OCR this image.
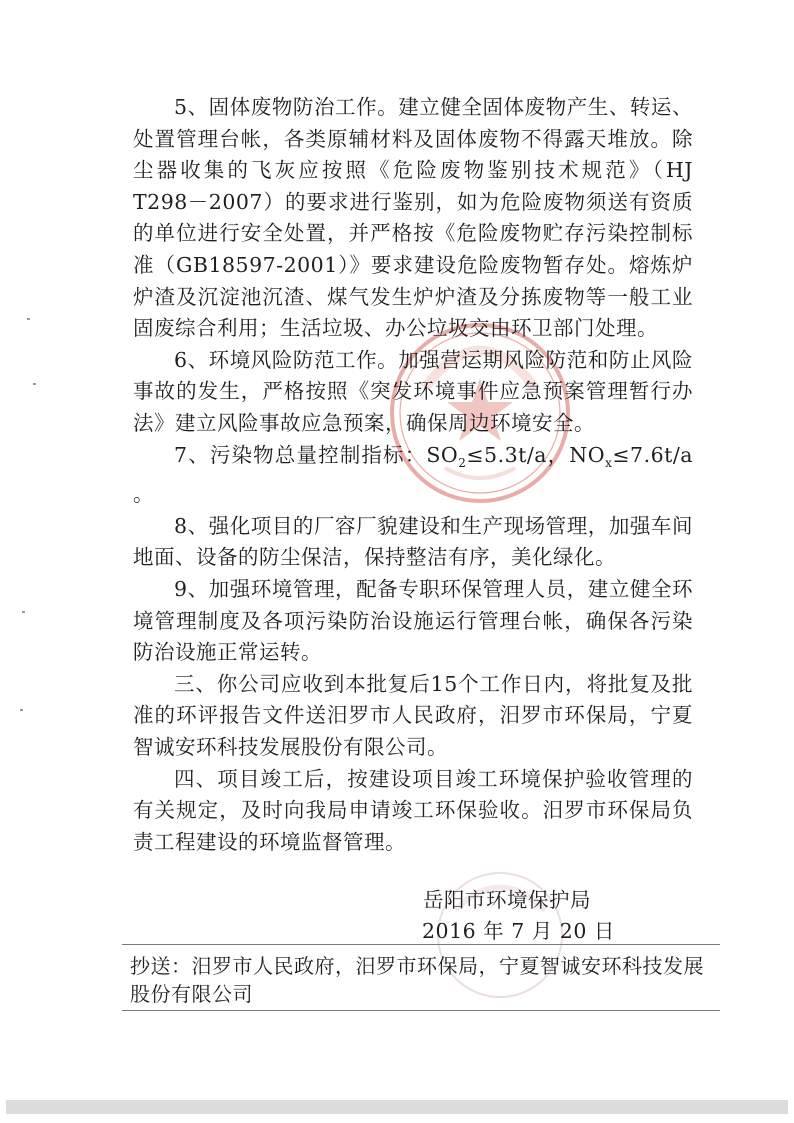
5、固体废物防治工作。建立健全固体废物产生、转运、处置管理台帐，各类原辅材料及固体废物不得露天堆放。除尘器收集的飞灰应按照《危险废物鉴别技术规范》（HJ T298－2007）的要求进行鉴别，如为危险废物须送有资质的单位进行安全处置，并严格按《危险废物贮存污染控制标准（GB18597-2001）》要求建设危险废物暂存处。熔炼炉炉渣及沉淀池沉渣、煤气发生炉炉渣及分拣废物等一般工业固废综合利用；生活垃圾、办公垃圾交由环卫部门处理。

6、环境风险防范工作。加强营运期风险防范和防止风险事故的发生，严格按照《突发环境事件应急预案管理暂行办法》建立风险事故应急预案，确保周边环境安全。

7、污染物总量控制指标：$SO_2\le 5.3t/a$，$NO_x\le 7.6t/a$ 。

8、强化项目的厂容厂貌建设和生产现场管理，加强车间地面、设备的防尘保洁，保持整洁有序，美化绿化。

9、加强环境管理，配备专职环保管理人员，建立健全环境管理制度及各项污染防治设施运行管理台帐，确保各污染防治设施正常运转。

三、你公司应收到本批复后15个工作日内，将批复及批准的环评报告文件送汨罗市人民政府，汨罗市环保局，宁夏智诚安环科技发展股份有限公司。

四、项目竣工后，按建设项目竣工环境保护验收管理的有关规定，及时向我局申请竣工环保验收。汨罗市环保局负责工程建设的环境监督管理。

岳阳市环境保护局
2016 年 7 月 20 日
抄送：汨罗市人民政府，汨罗市环保局，宁夏智诚安环科技发展股份有限公司
